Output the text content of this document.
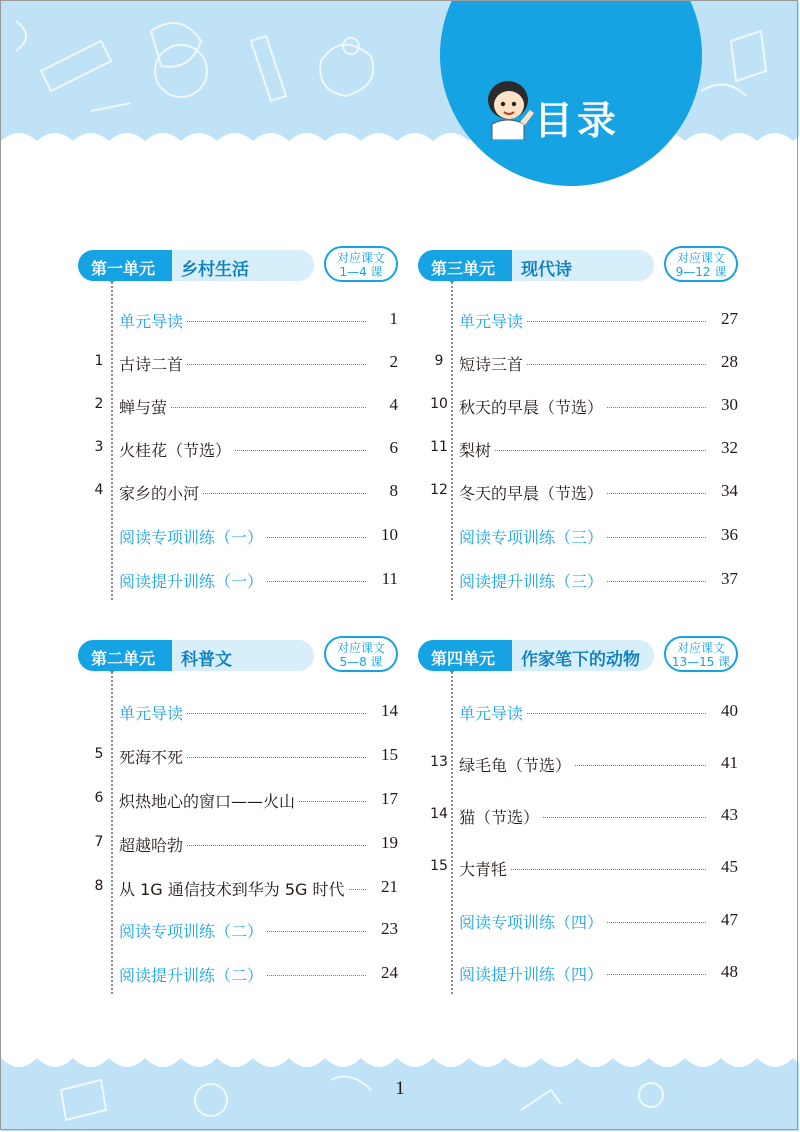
目录
第一单元 乡村生活
对应课文
1—4 课
单元导读	1
1 古诗二首	2
2 蝉与萤	4
3 火桂花（节选）	6
4 家乡的小河	8
阅读专项训练（一）	10
阅读提升训练（一）	11
第三单元 现代诗
对应课文
9—12 课
单元导读	27
9 短诗三首	28
10 秋天的早晨（节选）	30
11 梨树	32
12 冬天的早晨（节选）	34
阅读专项训练（三）	36
阅读提升训练（三）	37
第二单元 科普文
对应课文
5—8 课
单元导读	14
5 死海不死	15
6 炽热地心的窗口——火山	17
7 超越哈勃	19
8 从 1G 通信技术到华为 5G 时代	21
阅读专项训练（二）	23
阅读提升训练（二）	24
第四单元 作家笔下的动物
对应课文
13—15 课
单元导读	40
13 绿毛龟（节选）	41
14 猫（节选）	43
15 大青牦	45
阅读专项训练（四）	47
阅读提升训练（四）	48
1
